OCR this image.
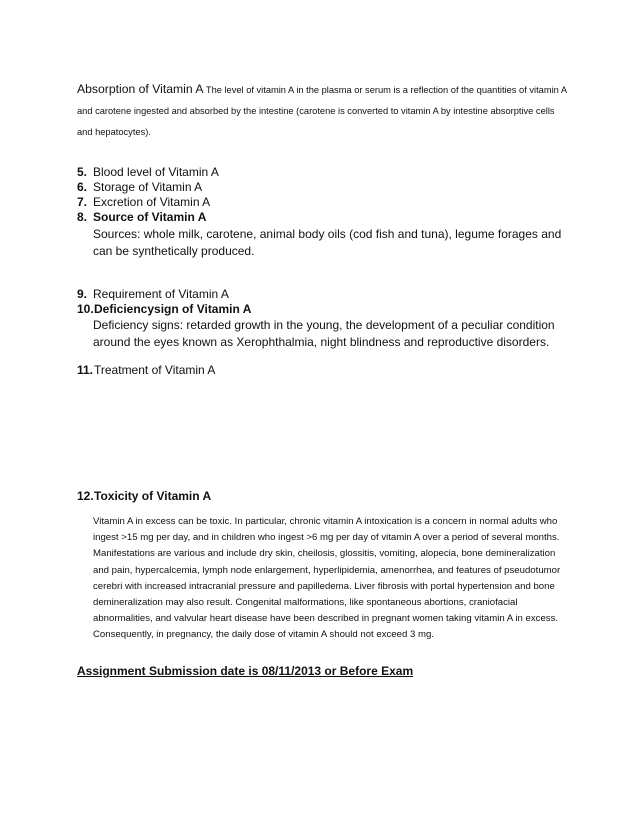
Absorption of Vitamin A The level of vitamin A in the plasma or serum is a reflection of the quantities of vitamin A and carotene ingested and absorbed by the intestine (carotene is converted to vitamin A by intestine absorptive cells and hepatocytes).

5. Blood level of Vitamin A
6. Storage of Vitamin A
7. Excretion of Vitamin A
8. Source of Vitamin A

Sources: whole milk, carotene, animal body oils (cod fish and tuna), legume forages and can be synthetically produced.

9. Requirement of Vitamin A
10.Deficiencysign of Vitamin A

Deficiency signs: retarded growth in the young, the development of a peculiar condition around the eyes known as Xerophthalmia, night blindness and reproductive disorders.

11.Treatment of Vitamin A
12.Toxicity of Vitamin A

Vitamin A in excess can be toxic. In particular, chronic vitamin A intoxication is a concern in normal adults who ingest >15 mg per day, and in children who ingest >6 mg per day of vitamin A over a period of several months. Manifestations are various and include dry skin, cheilosis, glossitis, vomiting, alopecia, bone demineralization and pain, hypercalcemia, lymph node enlargement, hyperlipidemia, amenorrhea, and features of pseudotumor cerebri with increased intracranial pressure and papilledema. Liver fibrosis with portal hypertension and bone demineralization may also result. Congenital malformations, like spontaneous abortions, craniofacial abnormalities, and valvular heart disease have been described in pregnant women taking vitamin A in excess. Consequently, in pregnancy, the daily dose of vitamin A should not exceed 3 mg.

Assignment Submission date is 08/11/2013 or Before Exam
